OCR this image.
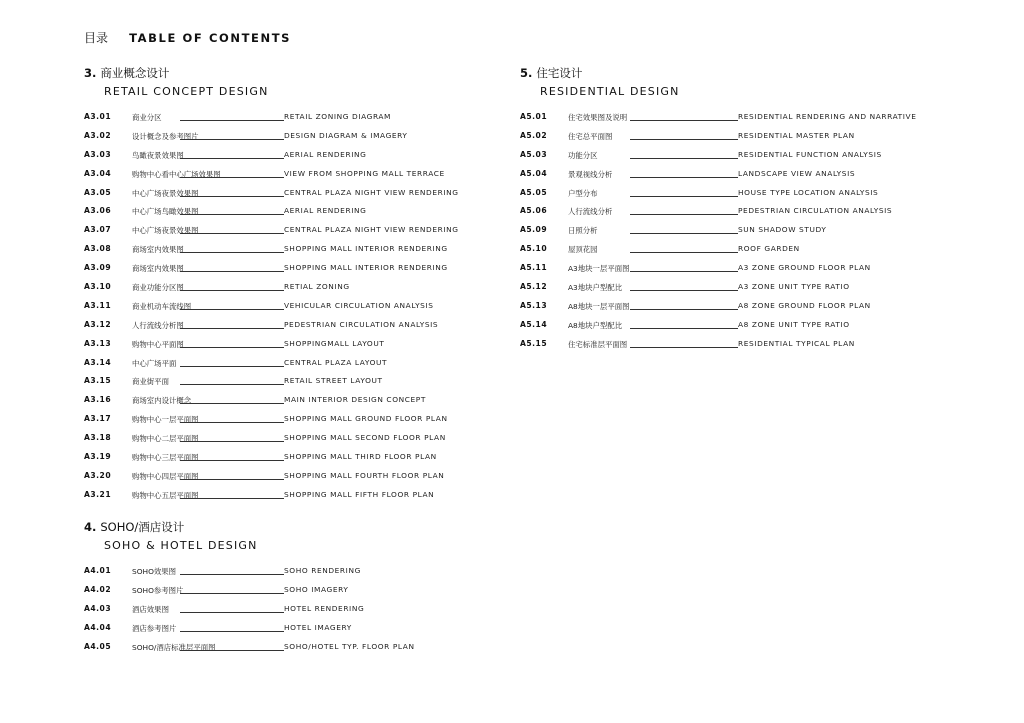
目录 TABLE OF CONTENTS
3. 商业概念设计
RETAIL CONCEPT DESIGN
A3.01	商业分区	RETAIL ZONING DIAGRAM
A3.02	设计概念及参考图片	DESIGN DIAGRAM & IMAGERY
A3.03	鸟瞰夜景效果图	AERIAL RENDERING
A3.04	购物中心看中心广场效果图	VIEW FROM SHOPPING MALL TERRACE
A3.05	中心广场夜景效果图	CENTRAL PLAZA NIGHT VIEW RENDERING
A3.06	中心广场鸟瞰效果图	AERIAL RENDERING
A3.07	中心广场夜景效果图	CENTRAL PLAZA NIGHT VIEW RENDERING
A3.08	商场室内效果图	SHOPPING MALL INTERIOR RENDERING
A3.09	商场室内效果图	SHOPPING MALL INTERIOR RENDERING
A3.10	商业功能分区图	RETIAL ZONING
A3.11	商业机动车流线图	VEHICULAR CIRCULATION ANALYSIS
A3.12	人行流线分析图	PEDESTRIAN CIRCULATION ANALYSIS
A3.13	购物中心平面图	SHOPPINGMALL LAYOUT
A3.14	中心广场平面	CENTRAL PLAZA LAYOUT
A3.15	商业街平面	RETAIL STREET LAYOUT
A3.16	商场室内设计概念	MAIN INTERIOR DESIGN CONCEPT
A3.17	购物中心一层平面图	SHOPPING MALL GROUND FLOOR PLAN
A3.18	购物中心二层平面图	SHOPPING MALL SECOND FLOOR PLAN
A3.19	购物中心三层平面图	SHOPPING MALL THIRD FLOOR PLAN
A3.20	购物中心四层平面图	SHOPPING MALL FOURTH FLOOR PLAN
A3.21	购物中心五层平面图	SHOPPING MALL FIFTH FLOOR PLAN
4. SOHO/酒店设计
SOHO & HOTEL DESIGN
A4.01	SOHO效果图	SOHO RENDERING
A4.02	SOHO参考图片	SOHO IMAGERY
A4.03	酒店效果图	HOTEL RENDERING
A4.04	酒店参考图片	HOTEL IMAGERY
A4.05	SOHO/酒店标准层平面图	SOHO/HOTEL TYP. FLOOR PLAN
5. 住宅设计
RESIDENTIAL DESIGN
A5.01	住宅效果图及说明	RESIDENTIAL RENDERING AND NARRATIVE
A5.02	住宅总平面图	RESIDENTIAL MASTER PLAN
A5.03	功能分区	RESIDENTIAL FUNCTION ANALYSIS
A5.04	景观视线分析	LANDSCAPE VIEW ANALYSIS
A5.05	户型分布	HOUSE TYPE LOCATION ANALYSIS
A5.06	人行流线分析	PEDESTRIAN CIRCULATION ANALYSIS
A5.09	日照分析	SUN SHADOW STUDY
A5.10	屋顶花园	ROOF GARDEN
A5.11	A3地块一层平面图	A3 ZONE GROUND FLOOR PLAN
A5.12	A3地块户型配比	A3 ZONE UNIT TYPE RATIO
A5.13	A8地块一层平面图	A8 ZONE GROUND FLOOR PLAN
A5.14	A8地块户型配比	A8 ZONE UNIT TYPE RATIO
A5.15	住宅标准层平面图	RESIDENTIAL TYPICAL PLAN
